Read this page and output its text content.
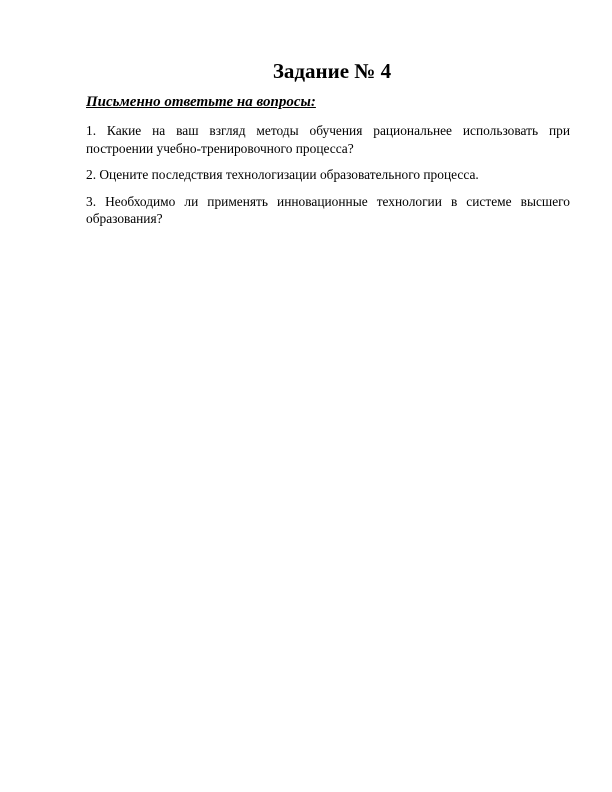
Задание № 4
Письменно ответьте на вопросы:

1. Какие на ваш взгляд методы обучения рациональнее использовать при построении учебно-тренировочного процесса?

2. Оцените последствия технологизации образовательного процесса.

3. Необходимо ли применять инновационные технологии в системе высшего образования?
